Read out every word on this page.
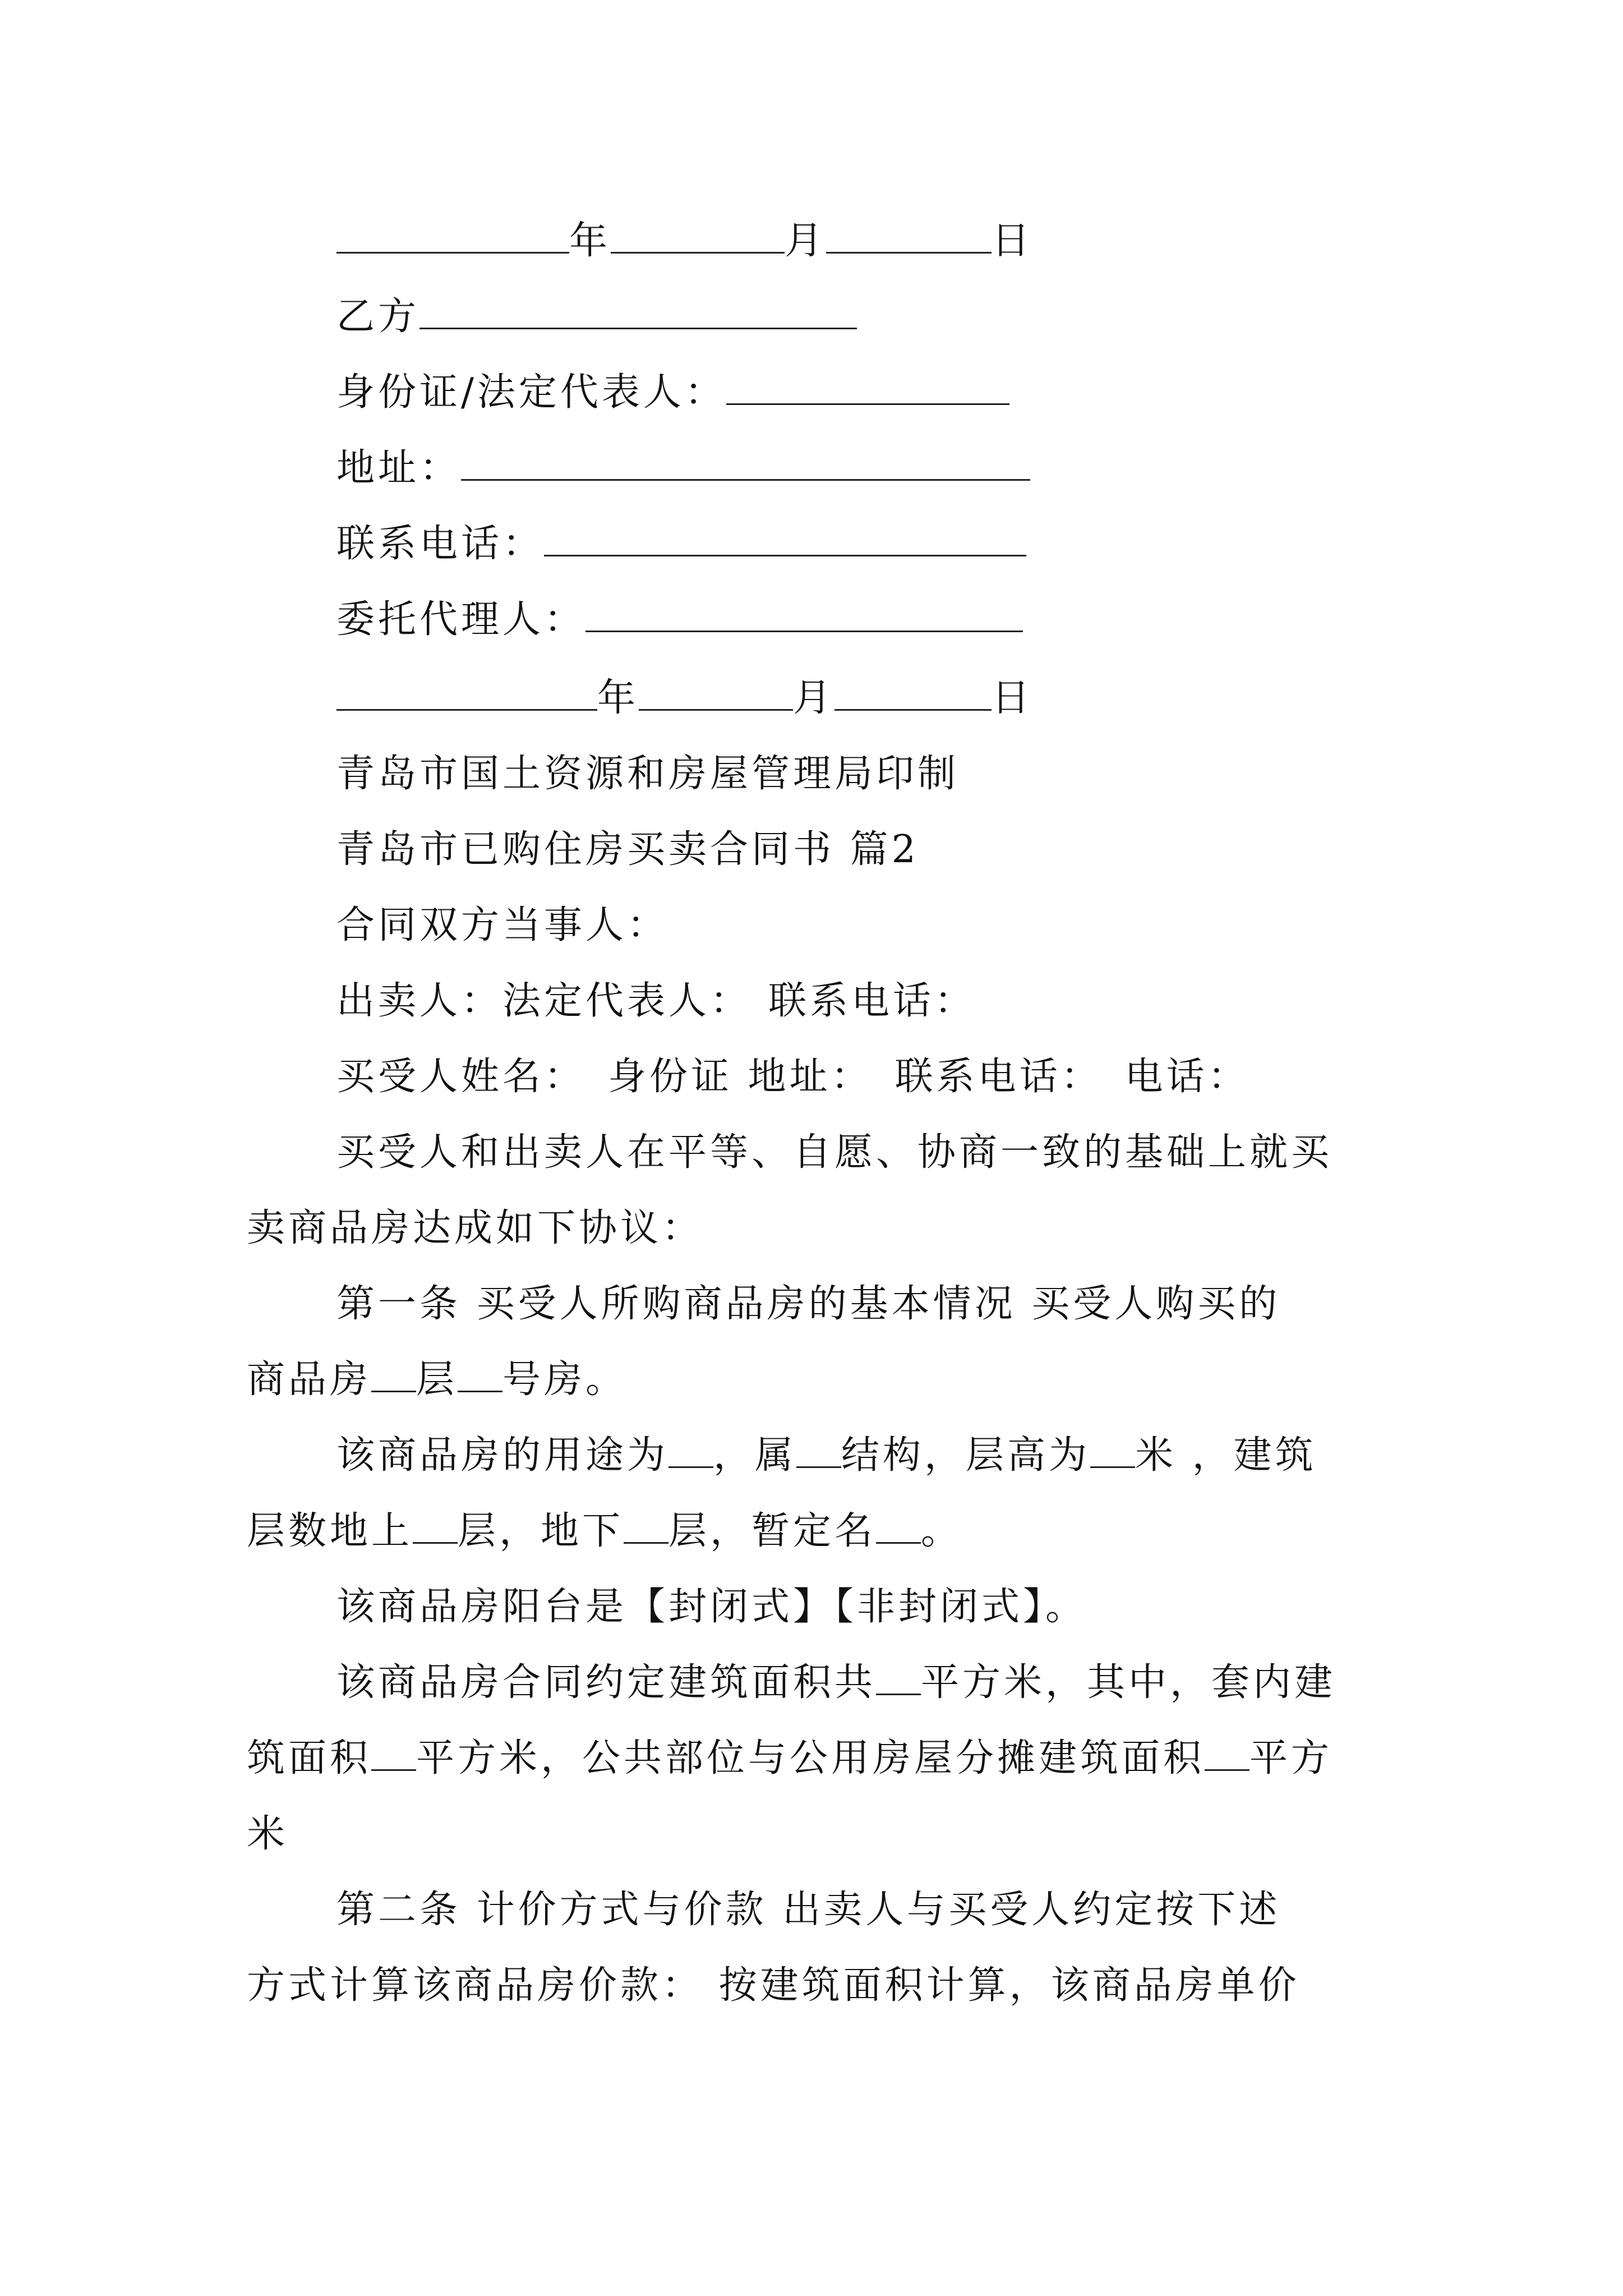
年	月	日
乙方
身份证/法定代表人：
地址：
联系电话：
委托代理人：
年	月	日
青岛市国土资源和房屋管理局印制
青岛市已购住房买卖合同书 篇2
合同双方当事人：
出卖人：法定代表人： 联系电话：
买受人姓名： 身份证 地址： 联系电话： 电话：
买受人和出卖人在平等、自愿、协商一致的基础上就买
卖商品房达成如下协议：
第一条 买受人所购商品房的基本情况 买受人购买的
商品房 层 号房。
该商品房的用途为 ，属 结构，层高为 米 ，建筑
层数地上 层，地下 层，暂定名 。
该商品房阳台是【封闭式】【非封闭式】。
该商品房合同约定建筑面积共 平方米，其中，套内建
筑面积 平方米，公共部位与公用房屋分摊建筑面积 平方
米
第二条 计价方式与价款 出卖人与买受人约定按下述
方式计算该商品房价款： 按建筑面积计算，该商品房单价
